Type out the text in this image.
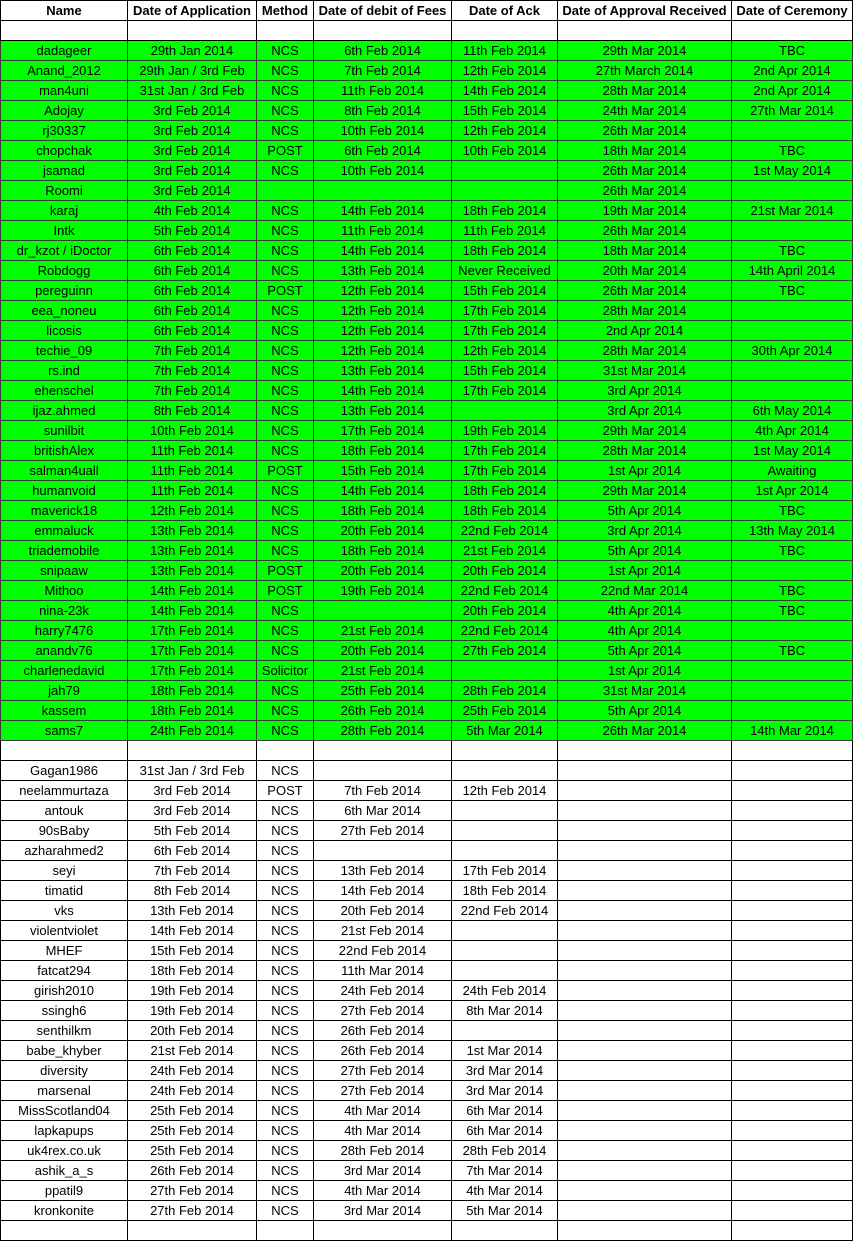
Name	Date of Application	Method	Date of debit of Fees	Date of Ack	Date of Approval Received	Date of Ceremony

dadageer	29th Jan 2014	NCS	6th Feb 2014	11th Feb 2014	29th Mar 2014	TBC
Anand_2012	29th Jan / 3rd Feb	NCS	7th Feb 2014	12th Feb 2014	27th March 2014	2nd Apr 2014
man4uni	31st Jan / 3rd Feb	NCS	11th Feb 2014	14th Feb 2014	28th Mar 2014	2nd Apr 2014
Adojay	3rd Feb 2014	NCS	8th Feb 2014	15th Feb 2014	24th Mar 2014	27th Mar 2014
rj30337	3rd Feb 2014	NCS	10th Feb 2014	12th Feb 2014	26th Mar 2014	
chopchak	3rd Feb 2014	POST	6th Feb 2014	10th Feb 2014	18th Mar 2014	TBC
jsamad	3rd Feb 2014	NCS	10th Feb 2014		26th Mar 2014	1st May 2014
Roomi	3rd Feb 2014				26th Mar 2014	
karaj	4th Feb 2014	NCS	14th Feb 2014	18th Feb 2014	19th Mar 2014	21st Mar 2014
Intk	5th Feb 2014	NCS	11th Feb 2014	11th Feb 2014	26th Mar 2014	
dr_kzot / iDoctor	6th Feb 2014	NCS	14th Feb 2014	18th Feb 2014	18th Mar 2014	TBC
Robdogg	6th Feb 2014	NCS	13th Feb 2014	Never Received	20th Mar 2014	14th April 2014
pereguinn	6th Feb 2014	POST	12th Feb 2014	15th Feb 2014	26th Mar 2014	TBC
eea_noneu	6th Feb 2014	NCS	12th Feb 2014	17th Feb 2014	28th Mar 2014	
licosis	6th Feb 2014	NCS	12th Feb 2014	17th Feb 2014	2nd Apr 2014	
techie_09	7th Feb 2014	NCS	12th Feb 2014	12th Feb 2014	28th Mar 2014	30th Apr 2014
rs.ind	7th Feb 2014	NCS	13th Feb 2014	15th Feb 2014	31st Mar 2014	
ehenschel	7th Feb 2014	NCS	14th Feb 2014	17th Feb 2014	3rd Apr 2014	
ijaz.ahmed	8th Feb 2014	NCS	13th Feb 2014		3rd Apr 2014	6th May 2014
sunilbit	10th Feb 2014	NCS	17th Feb 2014	19th Feb 2014	29th Mar 2014	4th Apr 2014
britishAlex	11th Feb 2014	NCS	18th Feb 2014	17th Feb 2014	28th Mar 2014	1st May 2014
salman4uall	11th Feb 2014	POST	15th Feb 2014	17th Feb 2014	1st Apr 2014	Awaiting
humanvoid	11th Feb 2014	NCS	14th Feb 2014	18th Feb 2014	29th Mar 2014	1st Apr 2014
maverick18	12th Feb 2014	NCS	18th Feb 2014	18th Feb 2014	5th Apr 2014	TBC
emmaluck	13th Feb 2014	NCS	20th Feb 2014	22nd Feb 2014	3rd Apr 2014	13th May 2014
triademobile	13th Feb 2014	NCS	18th Feb 2014	21st Feb 2014	5th Apr 2014	TBC
snipaaw	13th Feb 2014	POST	20th Feb 2014	20th Feb 2014	1st Apr 2014	
Mithoo	14th Feb 2014	POST	19th Feb 2014	22nd Feb 2014	22nd Mar 2014	TBC
nina-23k	14th Feb 2014	NCS		20th Feb 2014	4th Apr 2014	TBC
harry7476	17th Feb 2014	NCS	21st Feb 2014	22nd Feb 2014	4th Apr 2014	
anandv76	17th Feb 2014	NCS	20th Feb 2014	27th Feb 2014	5th Apr 2014	TBC
charlenedavid	17th Feb 2014	Solicitor	21st Feb 2014		1st Apr 2014	
jah79	18th Feb 2014	NCS	25th Feb 2014	28th Feb 2014	31st Mar 2014	
kassem	18th Feb 2014	NCS	26th Feb 2014	25th Feb 2014	5th Apr 2014	
sams7	24th Feb 2014	NCS	28th Feb 2014	5th Mar 2014	26th Mar 2014	14th Mar 2014

Gagan1986	31st Jan / 3rd Feb	NCS				
neelammurtaza	3rd Feb 2014	POST	7th Feb 2014	12th Feb 2014		
antouk	3rd Feb 2014	NCS	6th Mar 2014			
90sBaby	5th Feb 2014	NCS	27th Feb 2014			
azharahmed2	6th Feb 2014	NCS				
seyi	7th Feb 2014	NCS	13th Feb 2014	17th Feb 2014		
timatid	8th Feb 2014	NCS	14th Feb 2014	18th Feb 2014		
vks	13th Feb 2014	NCS	20th Feb 2014	22nd Feb 2014		
violentviolet	14th Feb 2014	NCS	21st Feb 2014			
MHEF	15th Feb 2014	NCS	22nd Feb 2014			
fatcat294	18th Feb 2014	NCS	11th Mar 2014			
girish2010	19th Feb 2014	NCS	24th Feb 2014	24th Feb 2014		
ssingh6	19th Feb 2014	NCS	27th Feb 2014	8th Mar 2014		
senthilkm	20th Feb 2014	NCS	26th Feb 2014			
babe_khyber	21st Feb 2014	NCS	26th Feb 2014	1st Mar 2014		
diversity	24th Feb 2014	NCS	27th Feb 2014	3rd Mar 2014		
marsenal	24th Feb 2014	NCS	27th Feb 2014	3rd Mar 2014		
MissScotland04	25th Feb 2014	NCS	4th Mar 2014	6th Mar 2014		
lapkapups	25th Feb 2014	NCS	4th Mar 2014	6th Mar 2014		
uk4rex.co.uk	25th Feb 2014	NCS	28th Feb 2014	28th Feb 2014		
ashik_a_s	26th Feb 2014	NCS	3rd Mar 2014	7th Mar 2014		
ppatil9	27th Feb 2014	NCS	4th Mar 2014	4th Mar 2014		
kronkonite	27th Feb 2014	NCS	3rd Mar 2014	5th Mar 2014		
